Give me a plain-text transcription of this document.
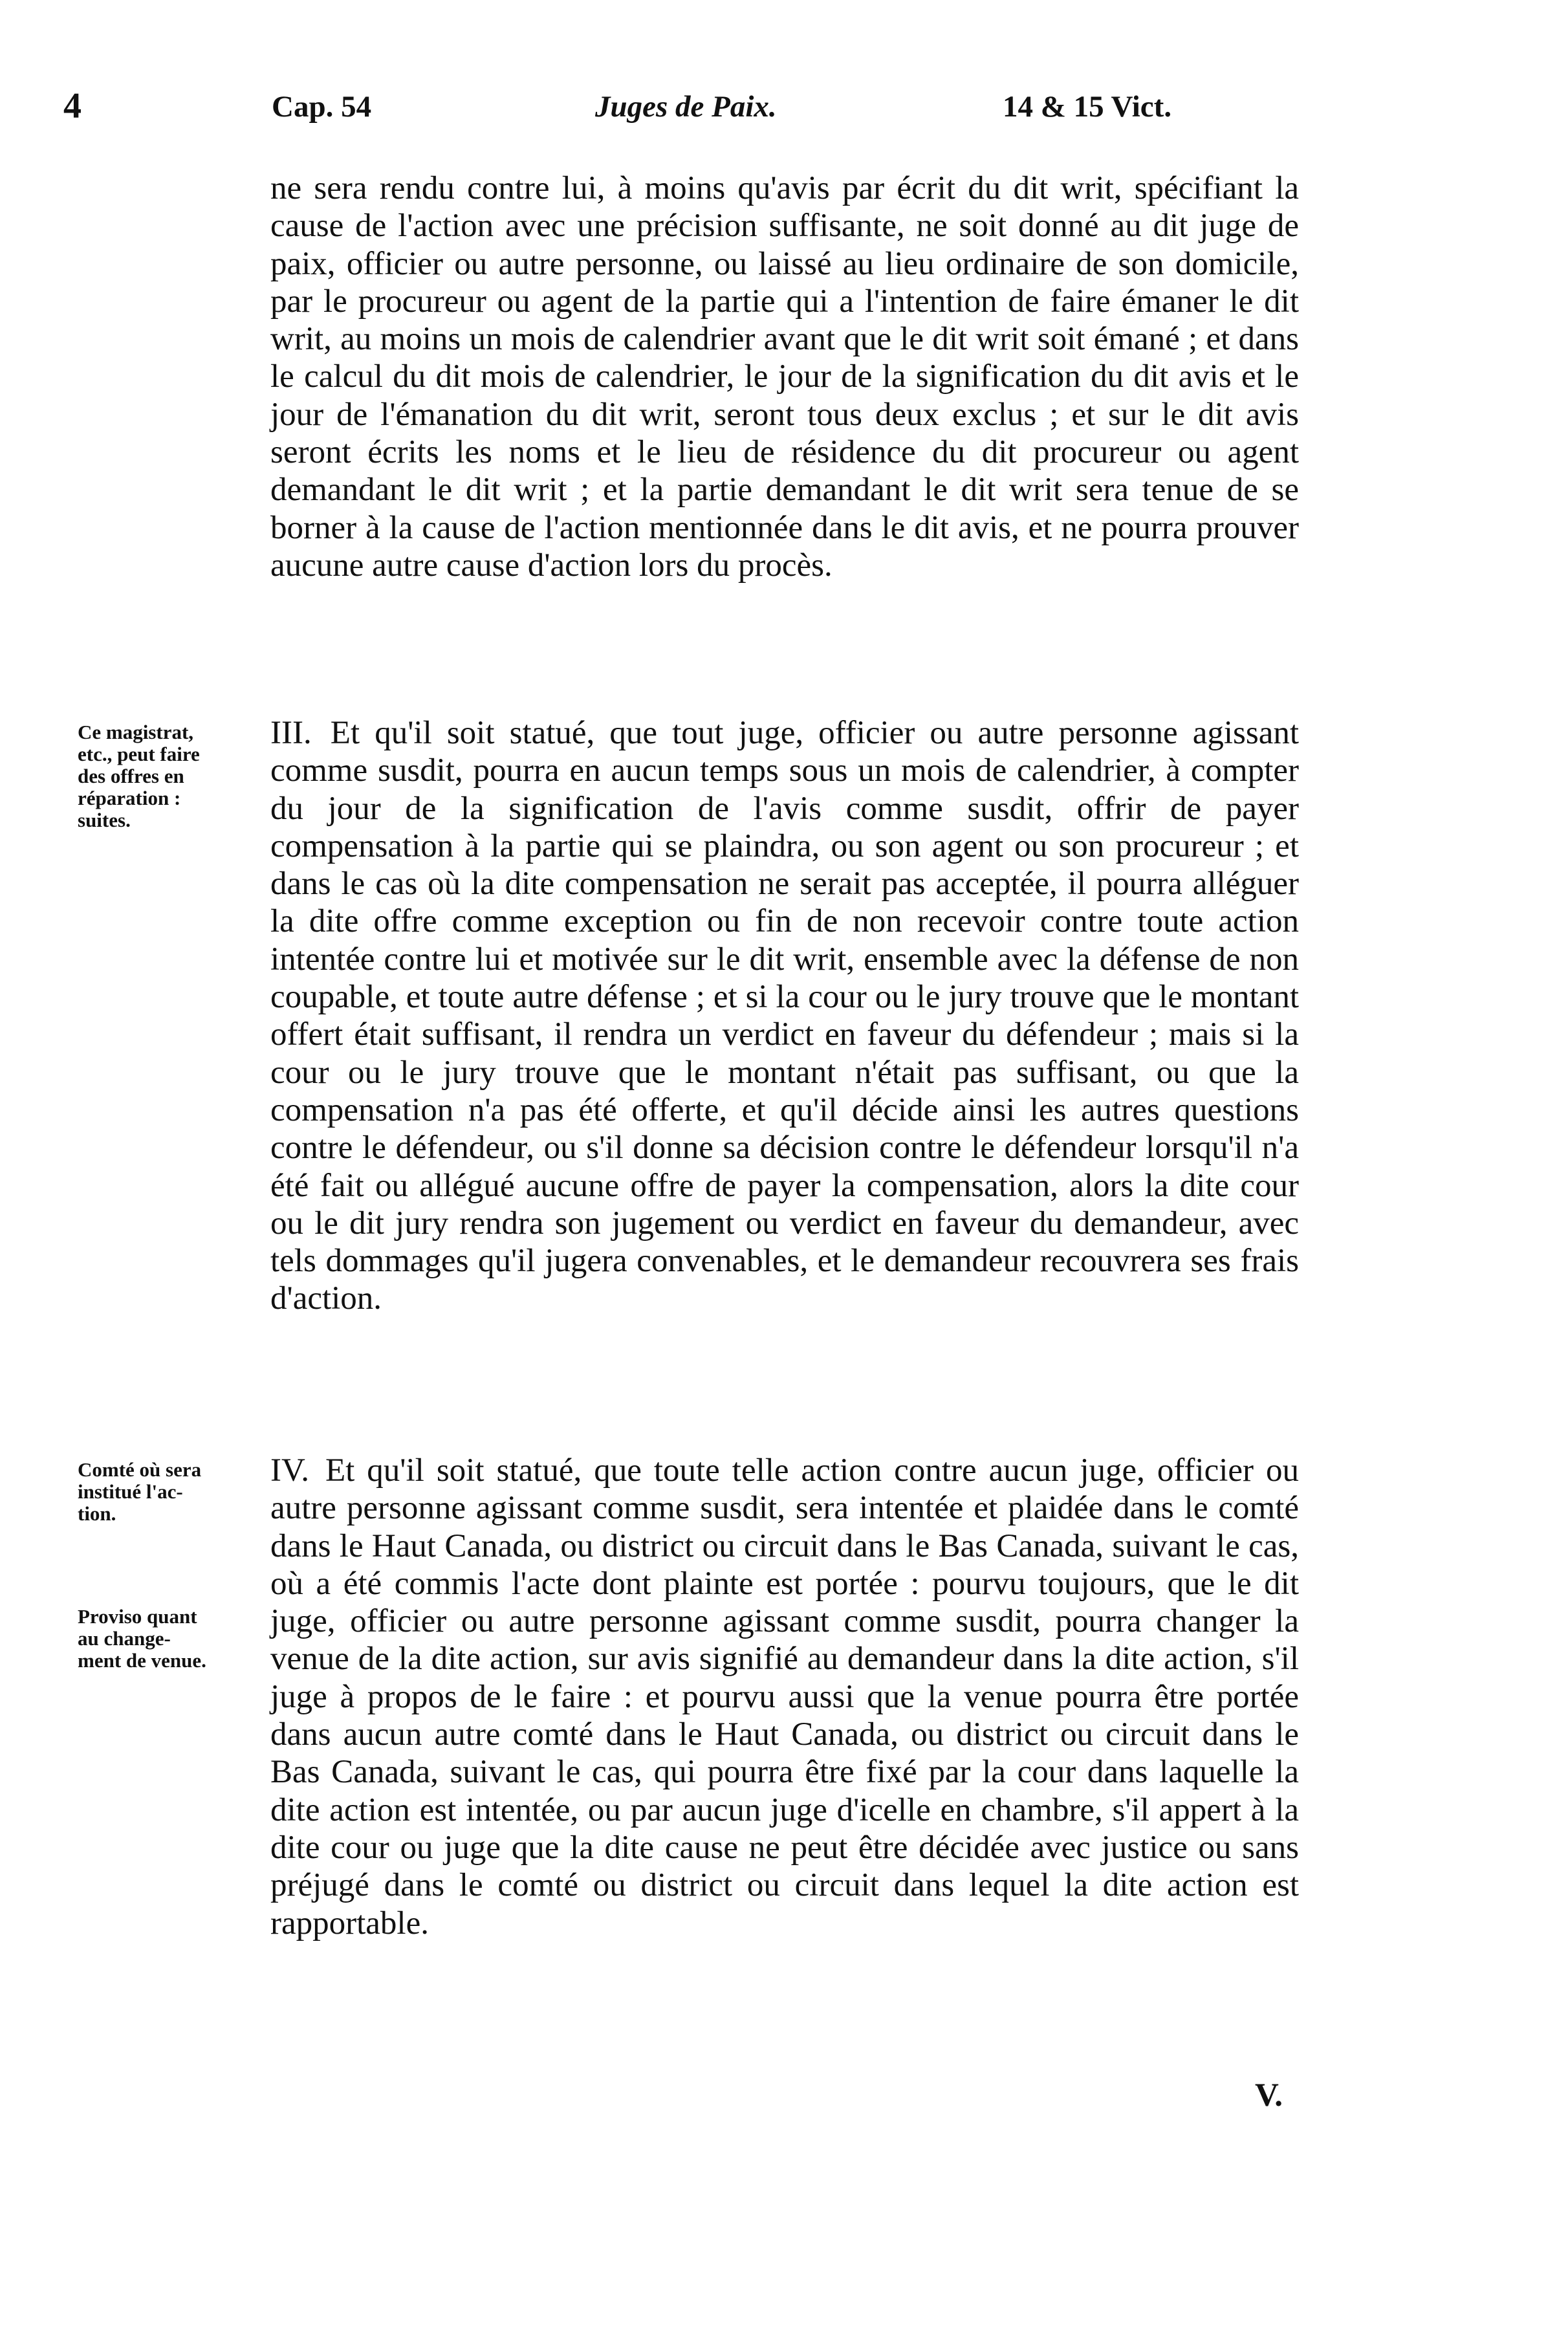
4	Cap. 54	Juges de Paix.	14 & 15 Vict.

ne sera rendu contre lui, à moins qu'avis par écrit du dit writ, spécifiant la cause de l'action avec une précision suffisante, ne soit donné au dit juge de paix, officier ou autre personne, ou laissé au lieu ordinaire de son domicile, par le procureur ou agent de la partie qui a l'intention de faire émaner le dit writ, au moins un mois de calendrier avant que le dit writ soit émané ; et dans le calcul du dit mois de calendrier, le jour de la signification du dit avis et le jour de l'émanation du dit writ, seront tous deux exclus ; et sur le dit avis seront écrits les noms et le lieu de résidence du dit procureur ou agent demandant le dit writ ; et la partie demandant le dit writ sera tenue de se borner à la cause de l'action mentionnée dans le dit avis, et ne pourra prouver aucune autre cause d'action lors du procès.

Ce magistrat,
etc., peut faire
des offres en
réparation :
suites.

III. Et qu'il soit statué, que tout juge, officier ou autre personne agissant comme susdit, pourra en aucun temps sous un mois de calendrier, à compter du jour de la signification de l'avis comme susdit, offrir de payer compensation à la partie qui se plaindra, ou son agent ou son procureur ; et dans le cas où la dite compensation ne serait pas acceptée, il pourra alléguer la dite offre comme exception ou fin de non recevoir contre toute action intentée contre lui et motivée sur le dit writ, ensemble avec la défense de non coupable, et toute autre défense ; et si la cour ou le jury trouve que le montant offert était suffisant, il rendra un verdict en faveur du défendeur ; mais si la cour ou le jury trouve que le montant n'était pas suffisant, ou que la compensation n'a pas été offerte, et qu'il décide ainsi les autres questions contre le défendeur, ou s'il donne sa décision contre le défendeur lorsqu'il n'a été fait ou allégué aucune offre de payer la compensation, alors la dite cour ou le dit jury rendra son jugement ou verdict en faveur du demandeur, avec tels dommages qu'il jugera convenables, et le demandeur recouvrera ses frais d'action.

Comté où sera
institué l'ac-
tion.
Proviso quant
au change-
ment de venue.

IV. Et qu'il soit statué, que toute telle action contre aucun juge, officier ou autre personne agissant comme susdit, sera intentée et plaidée dans le comté dans le Haut Canada, ou district ou circuit dans le Bas Canada, suivant le cas, où a été commis l'acte dont plainte est portée : pourvu toujours, que le dit juge, officier ou autre personne agissant comme susdit, pourra changer la venue de la dite action, sur avis signifié au demandeur dans la dite action, s'il juge à propos de le faire : et pourvu aussi que la venue pourra être portée dans aucun autre comté dans le Haut Canada, ou district ou circuit dans le Bas Canada, suivant le cas, qui pourra être fixé par la cour dans laquelle la dite action est intentée, ou par aucun juge d'icelle en chambre, s'il appert à la dite cour ou juge que la dite cause ne peut être décidée avec justice ou sans préjugé dans le comté ou district ou circuit dans lequel la dite action est rapportable.

V.
